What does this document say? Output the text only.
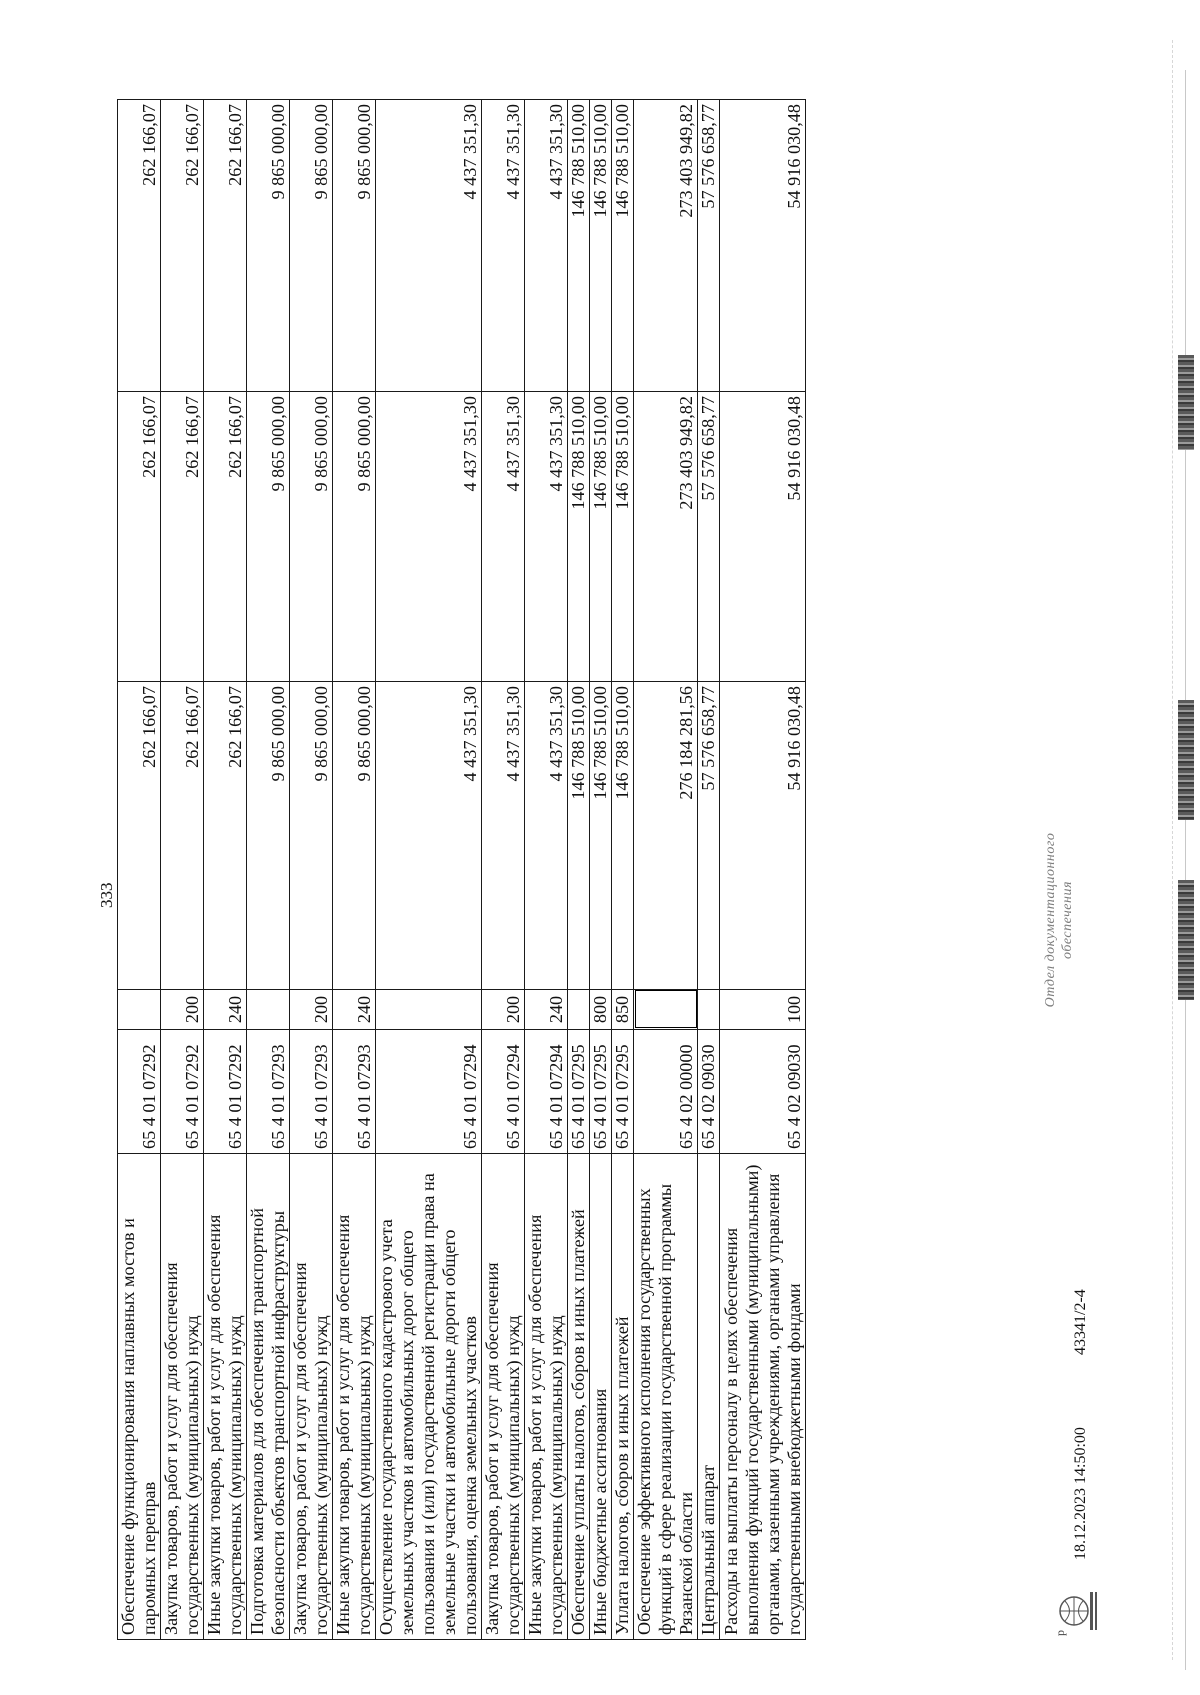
333
Обеспечение функционирования наплавных мостов и паромных переправ	65 4 01 07292		262 166,07	262 166,07	262 166,07
Закупка товаров, работ и услуг для обеспечения государственных (муниципальных) нужд	65 4 01 07292	200	262 166,07	262 166,07	262 166,07
Иные закупки товаров, работ и услуг для обеспечения государственных (муниципальных) нужд	65 4 01 07292	240	262 166,07	262 166,07	262 166,07
Подготовка материалов для обеспечения транспортной безопасности объектов транспортной инфраструктуры	65 4 01 07293		9 865 000,00	9 865 000,00	9 865 000,00
Закупка товаров, работ и услуг для обеспечения государственных (муниципальных) нужд	65 4 01 07293	200	9 865 000,00	9 865 000,00	9 865 000,00
Иные закупки товаров, работ и услуг для обеспечения государственных (муниципальных) нужд	65 4 01 07293	240	9 865 000,00	9 865 000,00	9 865 000,00
Осуществление государственного кадастрового учета земельных участков и автомобильных дорог общего пользования и (или) государственной регистрации права на земельные участки и автомобильные дороги общего пользования, оценка земельных участков	65 4 01 07294		4 437 351,30	4 437 351,30	4 437 351,30
Закупка товаров, работ и услуг для обеспечения государственных (муниципальных) нужд	65 4 01 07294	200	4 437 351,30	4 437 351,30	4 437 351,30
Иные закупки товаров, работ и услуг для обеспечения государственных (муниципальных) нужд	65 4 01 07294	240	4 437 351,30	4 437 351,30	4 437 351,30
Обеспечение уплаты налогов, сборов и иных платежей	65 4 01 07295		146 788 510,00	146 788 510,00	146 788 510,00
Иные бюджетные ассигнования	65 4 01 07295	800	146 788 510,00	146 788 510,00	146 788 510,00
Уплата налогов, сборов и иных платежей	65 4 01 07295	850	146 788 510,00	146 788 510,00	146 788 510,00
Обеспечение эффективного исполнения государственных функций в сфере реализации государственной программы Рязанской области	65 4 02 00000		276 184 281,56	273 403 949,82	273 403 949,82
Центральный аппарат	65 4 02 09030		57 576 658,77	57 576 658,77	57 576 658,77
Расходы на выплаты персоналу в целях обеспечения выполнения функций государственными (муниципальными) органами, казенными учреждениями, органами управления государственными внебюджетными фондами	65 4 02 09030	100	54 916 030,48	54 916 030,48	54 916 030,48
р
18.12.2023 14:50:00
43341/2-4
Отдел документационного обеспечения
